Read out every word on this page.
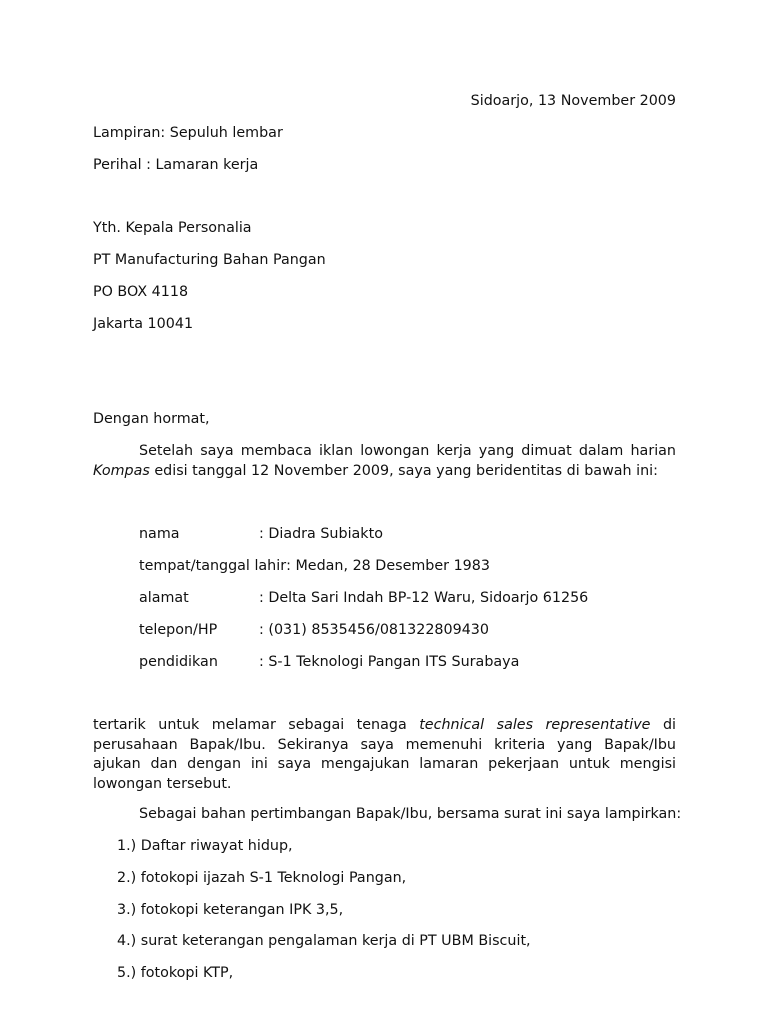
Sidoarjo, 13 November 2009
Lampiran: Sepuluh lembar
Perihal : Lamaran kerja
Yth. Kepala Personalia
PT Manufacturing Bahan Pangan
PO BOX 4118
Jakarta 10041
Dengan hormat,
Setelah saya membaca iklan lowongan kerja yang dimuat dalam harian Kompas edisi tanggal 12 November 2009, saya yang beridentitas di bawah ini:
nama	: Diadra Subiakto
tempat/tanggal lahir: Medan, 28 Desember 1983
alamat	: Delta Sari Indah BP-12 Waru, Sidoarjo 61256
telepon/HP	: (031) 8535456/081322809430
pendidikan	: S-1 Teknologi Pangan ITS Surabaya
tertarik untuk melamar sebagai tenaga technical sales representative di perusahaan Bapak/Ibu. Sekiranya saya memenuhi kriteria yang Bapak/Ibu ajukan dan dengan ini saya mengajukan lamaran pekerjaan untuk mengisi lowongan tersebut.
Sebagai bahan pertimbangan Bapak/Ibu, bersama surat ini saya lampirkan:
1.) Daftar riwayat hidup,
2.) fotokopi ijazah S-1 Teknologi Pangan,
3.) fotokopi keterangan IPK 3,5,
4.) surat keterangan pengalaman kerja di PT UBM Biscuit,
5.) fotokopi KTP,
